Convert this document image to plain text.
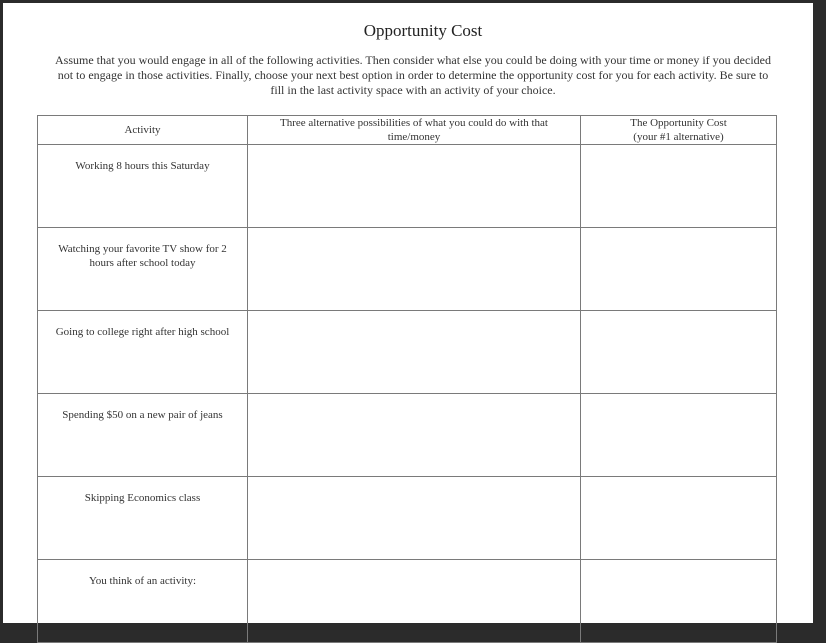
Opportunity Cost
Assume that you would engage in all of the following activities. Then consider what else you could be doing with your time or money if you decided not to engage in those activities. Finally, choose your next best option in order to determine the opportunity cost for you for each activity. Be sure to fill in the last activity space with an activity of your choice.
Activity	Three alternative possibilities of what you could do with that time/money	The Opportunity Cost
(your #1 alternative)
Working 8 hours this Saturday		
Watching your favorite TV show for 2 hours after school today		
Going to college right after high school		
Spending $50 on a new pair of jeans		
Skipping Economics class		
You think of an activity:		
